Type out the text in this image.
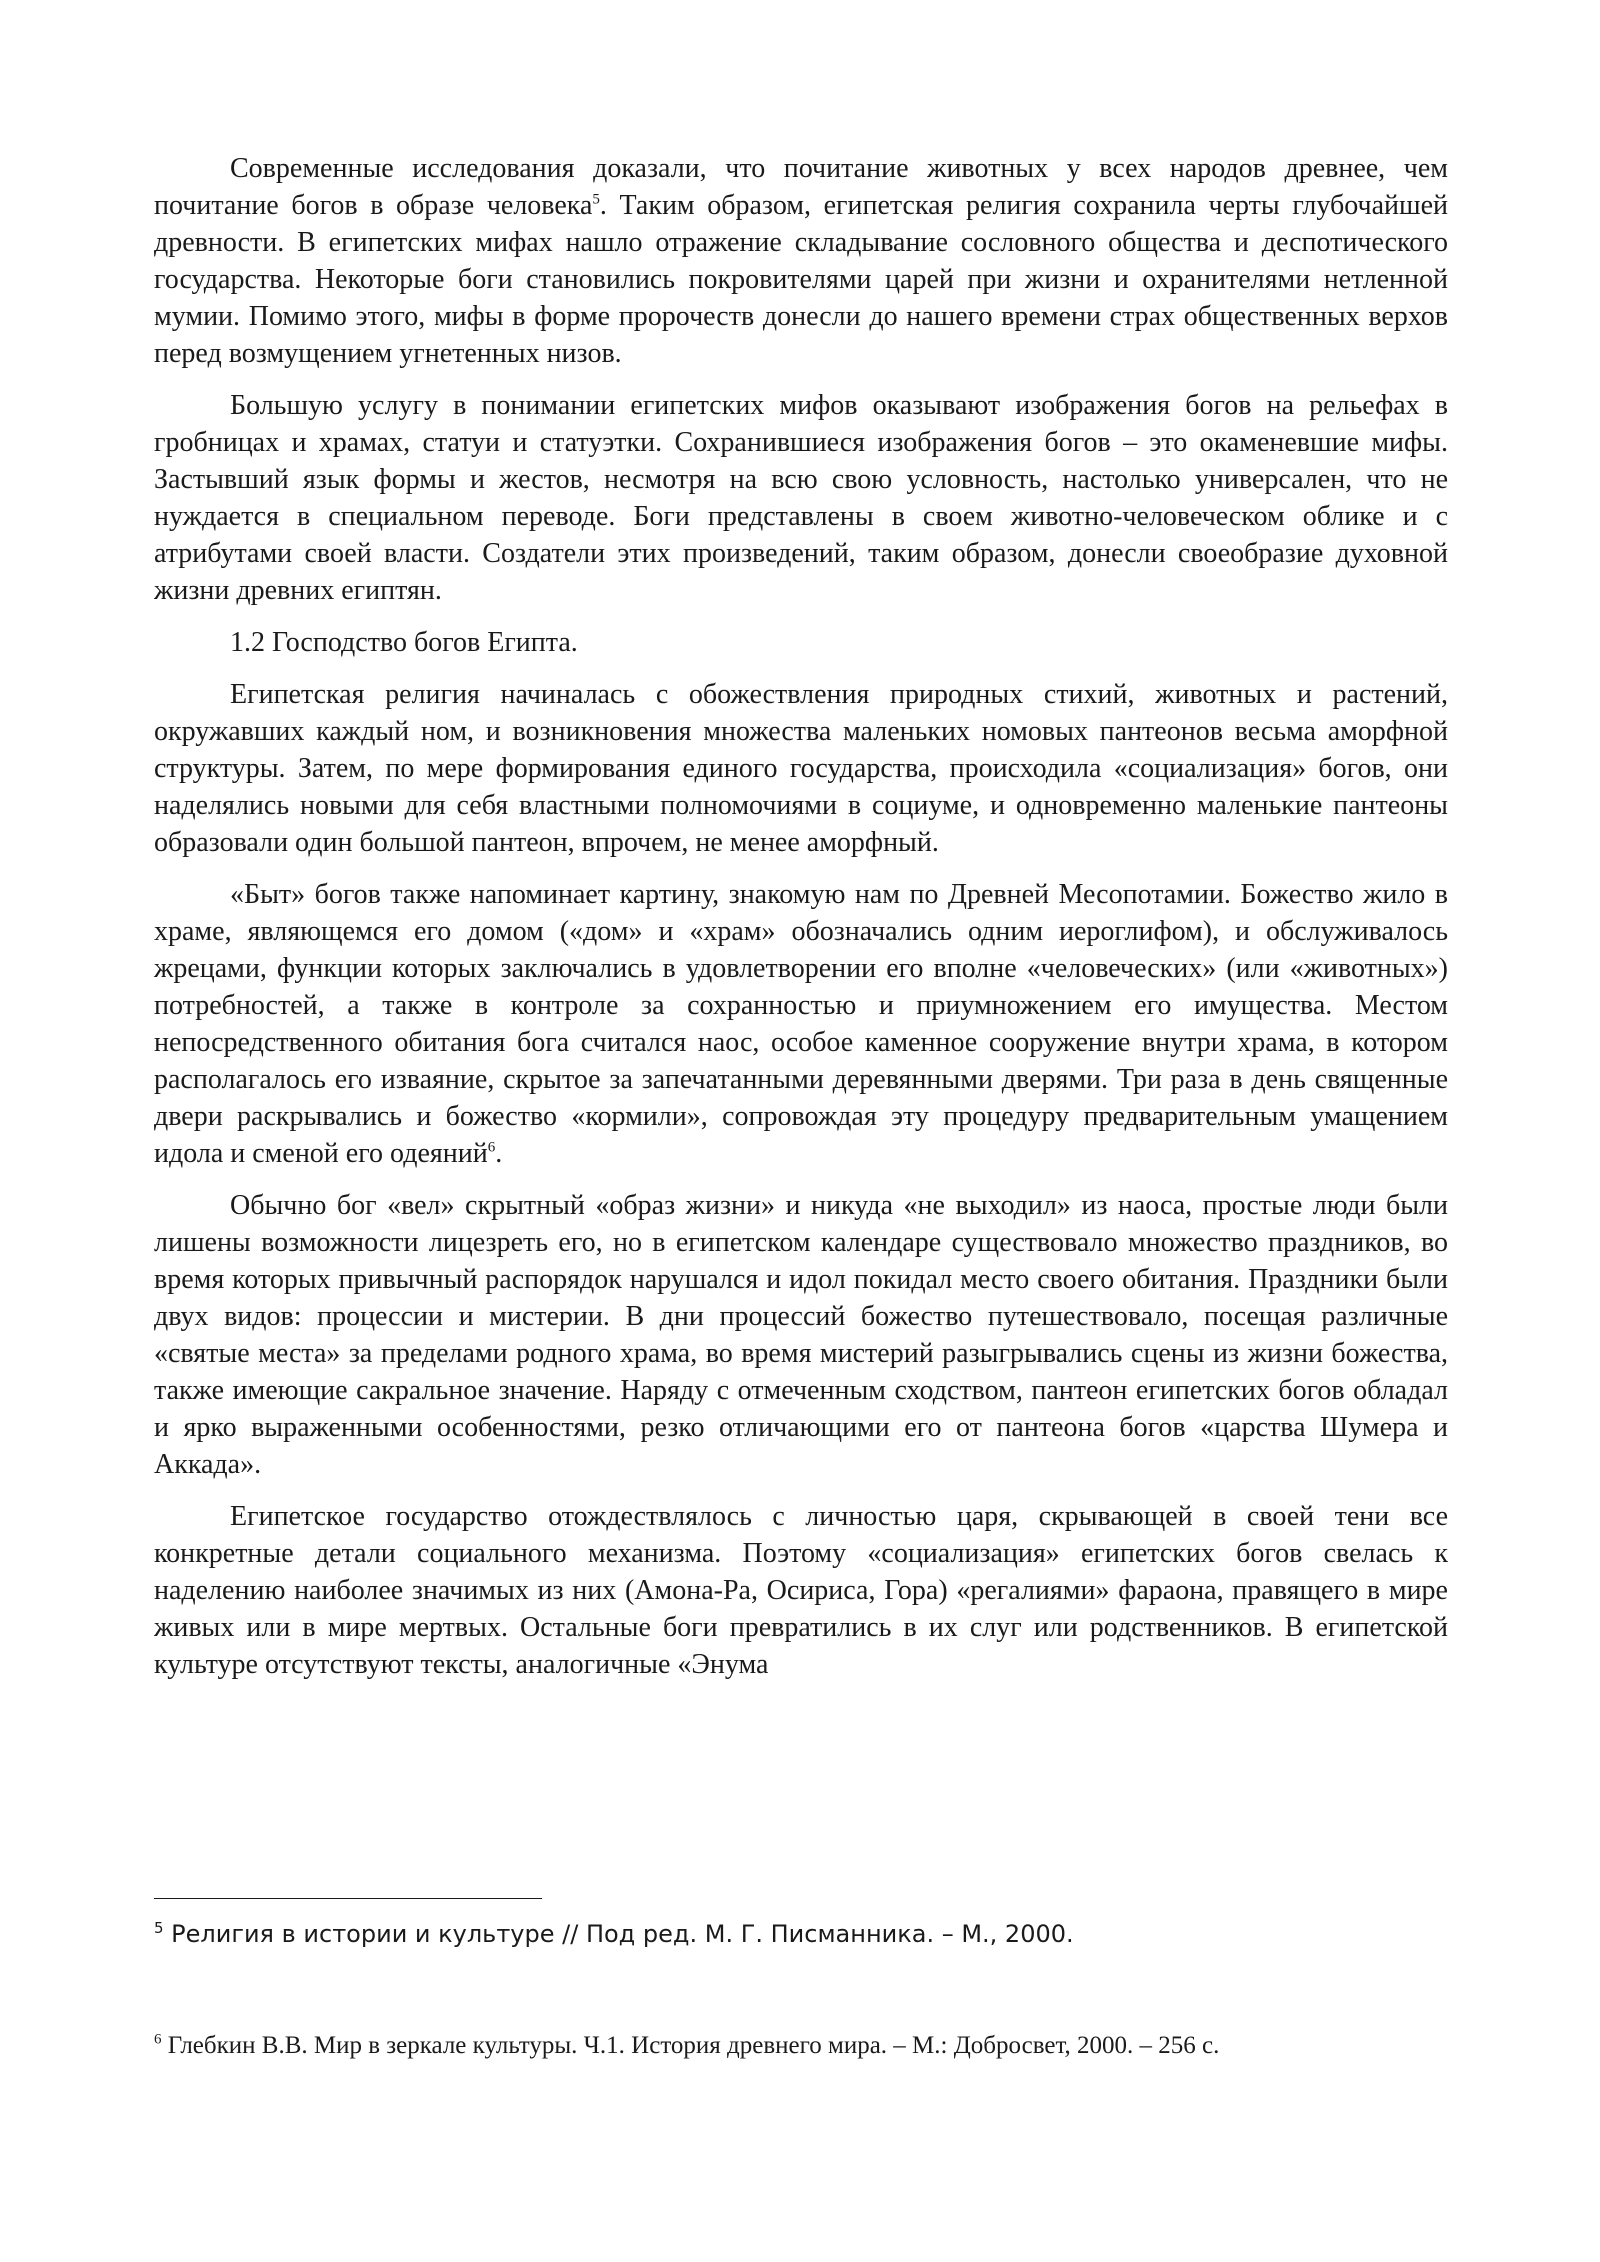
Современные исследования доказали, что почитание животных у всех народов древнее, чем почитание богов в образе человека$^5$. Таким образом, египетская религия сохранила черты глубочайшей древности. В египетских мифах нашло отражение складывание сословного общества и деспотического государства. Некоторые боги становились покровителями царей при жизни и охранителями нетленной мумии. Помимо этого, мифы в форме пророчеств донесли до нашего времени страх общественных верхов перед возмущением угнетенных низов.

Большую услугу в понимании египетских мифов оказывают изображения богов на рельефах в гробницах и храмах, статуи и статуэтки. Сохранившиеся изображения богов – это окаменевшие мифы. Застывший язык формы и жестов, несмотря на всю свою условность, настолько универсален, что не нуждается в специальном переводе. Боги представлены в своем животно-человеческом облике и с атрибутами своей власти. Создатели этих произведений, таким образом, донесли своеобразие духовной жизни древних египтян.

1.2 Господство богов Египта.

Египетская религия начиналась с обожествления природных стихий, животных и растений, окружавших каждый ном, и возникновения множества маленьких номовых пантеонов весьма аморфной структуры. Затем, по мере формирования единого государства, происходила «социализация» богов, они наделялись новыми для себя властными полномочиями в социуме, и одновременно маленькие пантеоны образовали один большой пантеон, впрочем, не менее аморфный.

«Быт» богов также напоминает картину, знакомую нам по Древней Месопотамии. Божество жило в храме, являющемся его домом («дом» и «храм» обозначались одним иероглифом), и обслуживалось жрецами, функции которых заключались в удовлетворении его вполне «человеческих» (или «животных») потребностей, а также в контроле за сохранностью и приумножением его имущества. Местом непосредственного обитания бога считался наос, особое каменное сооружение внутри храма, в котором располагалось его изваяние, скрытое за запечатанными деревянными дверями. Три раза в день священные двери раскрывались и божество «кормили», сопровождая эту процедуру предварительным умащением идола и сменой его одеяний$^6$.

Обычно бог «вел» скрытный «образ жизни» и никуда «не выходил» из наоса, простые люди были лишены возможности лицезреть его, но в египетском календаре существовало множество праздников, во время которых привычный распорядок нарушался и идол покидал место своего обитания. Праздники были двух видов: процессии и мистерии. В дни процессий божество путешествовало, посещая различные «святые места» за пределами родного храма, во время мистерий разыгрывались сцены из жизни божества, также имеющие сакральное значение. Наряду с отмеченным сходством, пантеон египетских богов обладал и ярко выраженными особенностями, резко отличающими его от пантеона богов «царства Шумера и Аккада».

Египетское государство отождествлялось с личностью царя, скрывающей в своей тени все конкретные детали социального механизма. Поэтому «социализация» египетских богов свелась к наделению наиболее значимых из них (Амона-Ра, Осириса, Гора) «регалиями» фараона, правящего в мире живых или в мире мертвых. Остальные боги превратились в их слуг или родственников. В египетской культуре отсутствуют тексты, аналогичные «Энума

$^5$ Религия в истории и культуре // Под ред. М. Г. Писманника. – М., 2000.
$^6$ Глебкин В.В. Мир в зеркале культуры. Ч.1. История древнего мира. – М.: Добросвет, 2000. – 256 с.
